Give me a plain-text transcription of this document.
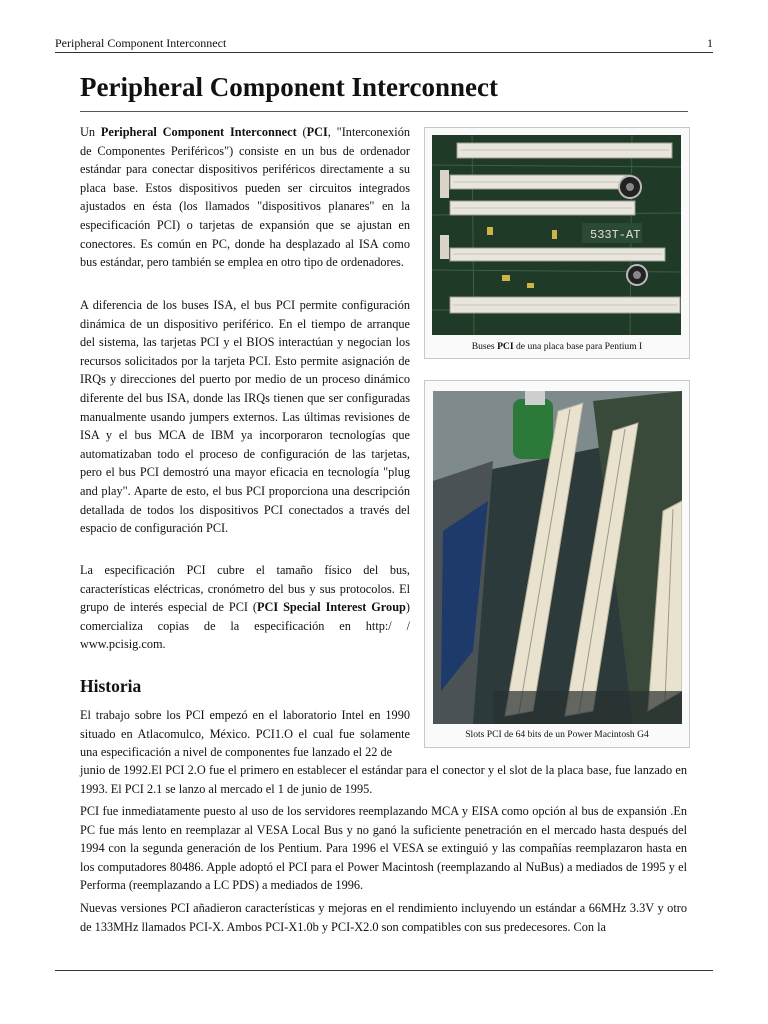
Peripheral Component Interconnect	1
Peripheral Component Interconnect

Un Peripheral Component Interconnect (PCI, "Interconexión de Componentes Periféricos") consiste en un bus de ordenador estándar para conectar dispositivos periféricos directamente a su placa base. Estos dispositivos pueden ser circuitos integrados ajustados en ésta (los llamados "dispositivos planares" en la especificación PCI) o tarjetas de expansión que se ajustan en conectores. Es común en PC, donde ha desplazado al ISA como bus estándar, pero también se emplea en otro tipo de ordenadores.

A diferencia de los buses ISA, el bus PCI permite configuración dinámica de un dispositivo periférico. En el tiempo de arranque del sistema, las tarjetas PCI y el BIOS interactúan y negocian los recursos solicitados por la tarjeta PCI. Esto permite asignación de IRQs y direcciones del puerto por medio de un proceso dinámico diferente del bus ISA, donde las IRQs tienen que ser configuradas manualmente usando jumpers externos. Las últimas revisiones de ISA y el bus MCA de IBM ya incorporaron tecnologías que automatizaban todo el proceso de configuración de las tarjetas, pero el bus PCI demostró una mayor eficacia en tecnología "plug and play". Aparte de esto, el bus PCI proporciona una descripción detallada de todos los dispositivos PCI conectados a través del espacio de configuración PCI.

La especificación PCI cubre el tamaño físico del bus, características eléctricas, cronómetro del bus y sus protocolos. El grupo de interés especial de PCI (PCI Special Interest Group) comercializa copias de la especificación en http:/ / www.pcisig.com.

Historia

El trabajo sobre los PCI empezó en el laboratorio Intel en 1990 situado en Atlacomulco, México. PCI1.O el cual fue solamente una especificación a nivel de componentes fue lanzado el 22 de

junio de 1992.El PCI 2.O fue el primero en establecer el estándar para el conector y el slot de la placa base, fue lanzado en 1993. El PCI 2.1 se lanzo al mercado el 1 de junio de 1995.

PCI fue inmediatamente puesto al uso de los servidores reemplazando MCA y EISA como opción al bus de expansión .En PC fue más lento en reemplazar al VESA Local Bus y no ganó la suficiente penetración en el mercado hasta después del 1994 con la segunda generación de los Pentium. Para 1996 el VESA se extinguió y las compañías reemplazaron hasta en los computadores 80486. Apple adoptó el PCI para el Power Macintosh (reemplazando al NuBus) a mediados de 1995 y el Performa (reemplazando a LC PDS) a mediados de 1996.

Nuevas versiones PCI añadieron características y mejoras en el rendimiento incluyendo un estándar a 66MHz 3.3V y otro de 133MHz llamados PCI-X. Ambos PCI-X1.0b y PCI-X2.0 son compatibles con sus predecesores. Con la

533T-AT
Buses PCI de una placa base para Pentium I
Slots PCI de 64 bits de un Power Macintosh G4
